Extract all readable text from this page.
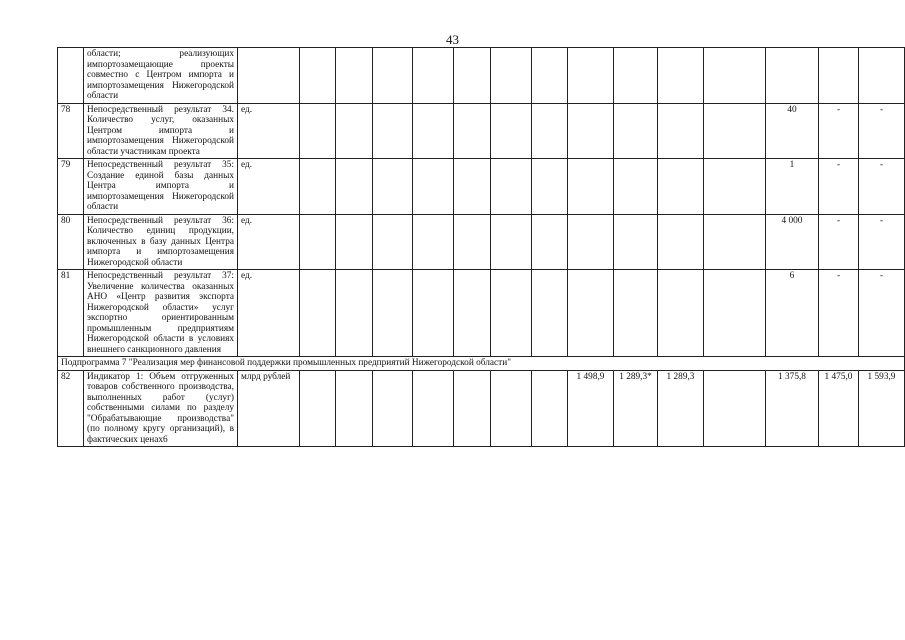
43
	области; реализующих импортозамещающие проекты совместно с Центром импорта и импортозамещения Нижегородской области																
78	Непосредственный результат 34. Количество услуг, оказанных Центром импорта и импортозамещения Нижегородской области участникам проекта	ед.												40	-	-	
79	Непосредственный результат 35: Создание единой базы данных Центра импорта и импортозамещения Нижегородской области	ед.												1	-	-	
80	Непосредственный результат 36: Количество единиц продукции, включенных в базу данных Центра импорта и импортозамещения Нижегородской области	ед.												4 000	-	-	
81	Непосредственный результат 37: Увеличение количества оказанных АНО «Центр развития экспорта Нижегородской области» услуг экспортно ориентированным промышленным предприятиям Нижегородской области в условиях внешнего санкционного давления	ед.												6	-	-	
Подпрограмма 7 "Реализация мер финансовой поддержки промышленных предприятий Нижегородской области"																	
82	Индикатор 1: Объем отгруженных товаров собственного производства, выполненных работ (услуг) собственными силами по разделу "Обрабатывающие производства" (по полному кругу организаций), в фактических ценах6	млрд рублей								1 498,9	1 289,3*	1 289,3		1 375,8	1 475,0	1 593,9	
